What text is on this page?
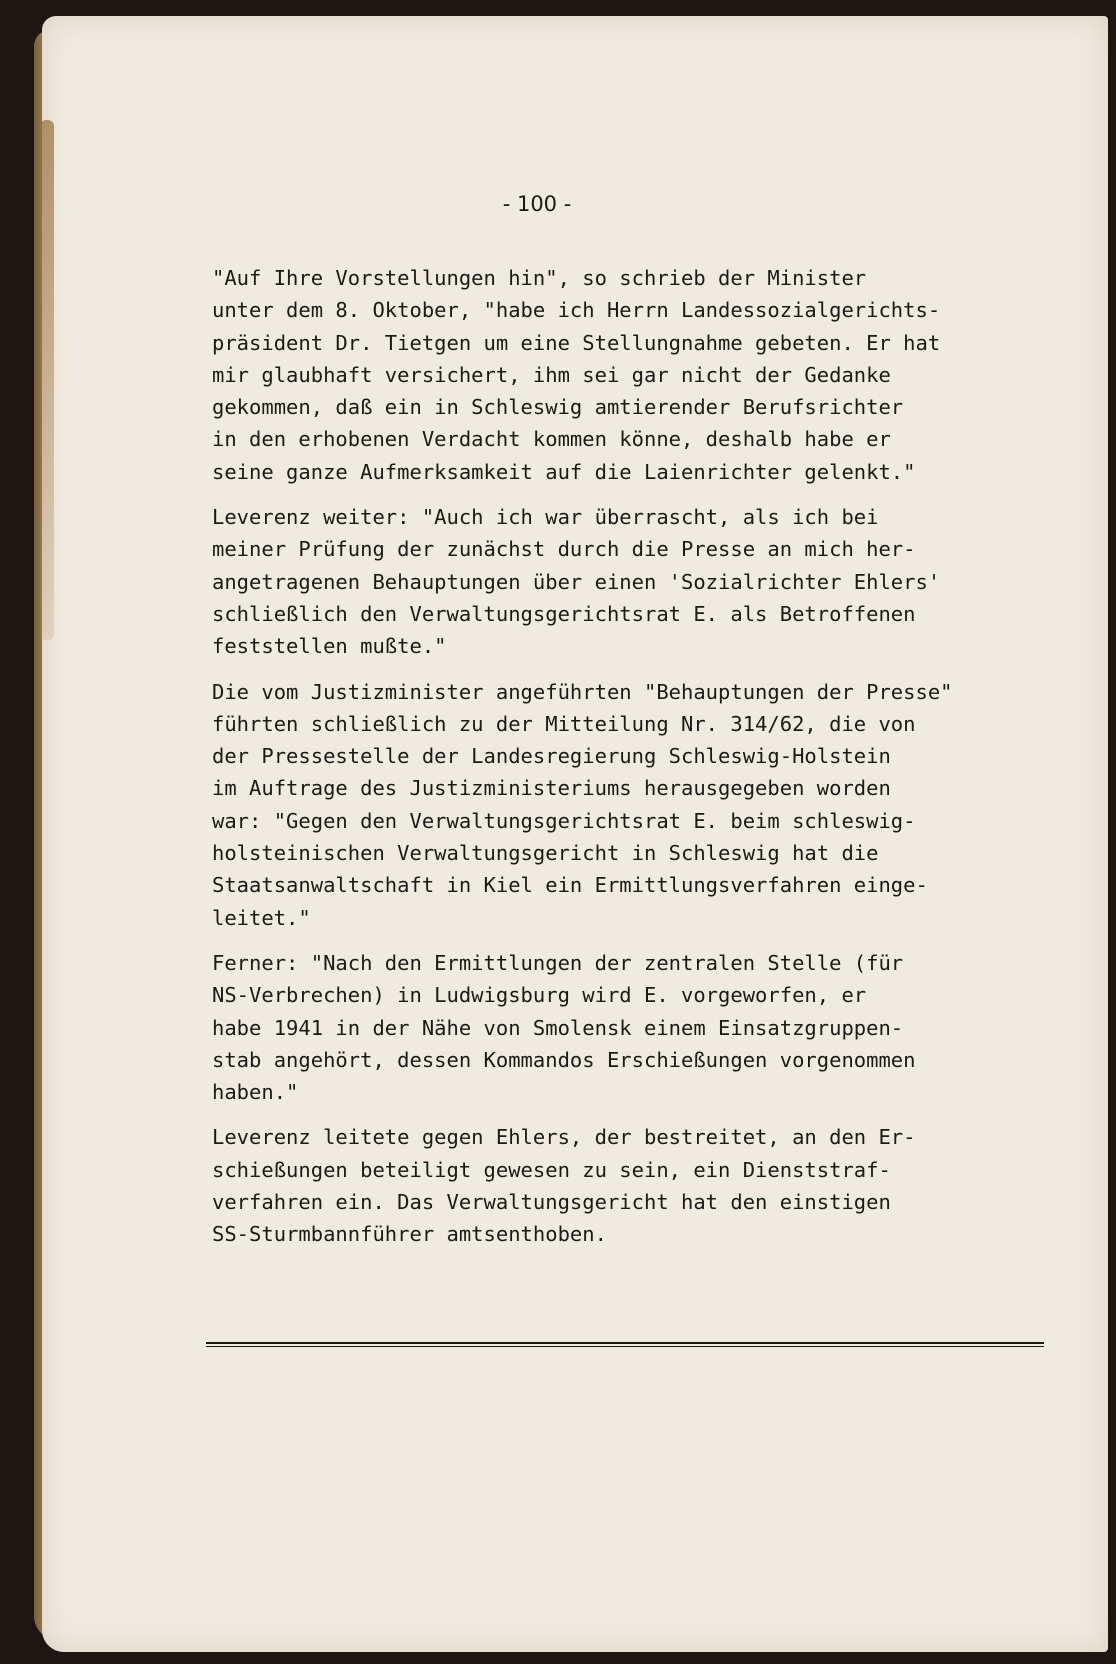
- 100 -
"Auf Ihre Vorstellungen hin", so schrieb der Minister
unter dem 8. Oktober, "habe ich Herrn Landessozialgerichts-
präsident Dr. Tietgen um eine Stellungnahme gebeten. Er hat
mir glaubhaft versichert, ihm sei gar nicht der Gedanke
gekommen, daß ein in Schleswig amtierender Berufsrichter
in den erhobenen Verdacht kommen könne, deshalb habe er
seine ganze Aufmerksamkeit auf die Laienrichter gelenkt."
Leverenz weiter: "Auch ich war überrascht, als ich bei
meiner Prüfung der zunächst durch die Presse an mich her-
angetragenen Behauptungen über einen 'Sozialrichter Ehlers'
schließlich den Verwaltungsgerichtsrat E. als Betroffenen
feststellen mußte."
Die vom Justizminister angeführten "Behauptungen der Presse"
führten schließlich zu der Mitteilung Nr. 314/62, die von
der Pressestelle der Landesregierung Schleswig-Holstein
im Auftrage des Justizministeriums herausgegeben worden
war: "Gegen den Verwaltungsgerichtsrat E. beim schleswig-
holsteinischen Verwaltungsgericht in Schleswig hat die
Staatsanwaltschaft in Kiel ein Ermittlungsverfahren einge-
leitet."
Ferner: "Nach den Ermittlungen der zentralen Stelle (für
NS-Verbrechen) in Ludwigsburg wird E. vorgeworfen, er
habe 1941 in der Nähe von Smolensk einem Einsatzgruppen-
stab angehört, dessen Kommandos Erschießungen vorgenommen
haben."
Leverenz leitete gegen Ehlers, der bestreitet, an den Er-
schießungen beteiligt gewesen zu sein, ein Dienststraf-
verfahren ein. Das Verwaltungsgericht hat den einstigen
SS-Sturmbannführer amtsenthoben.
